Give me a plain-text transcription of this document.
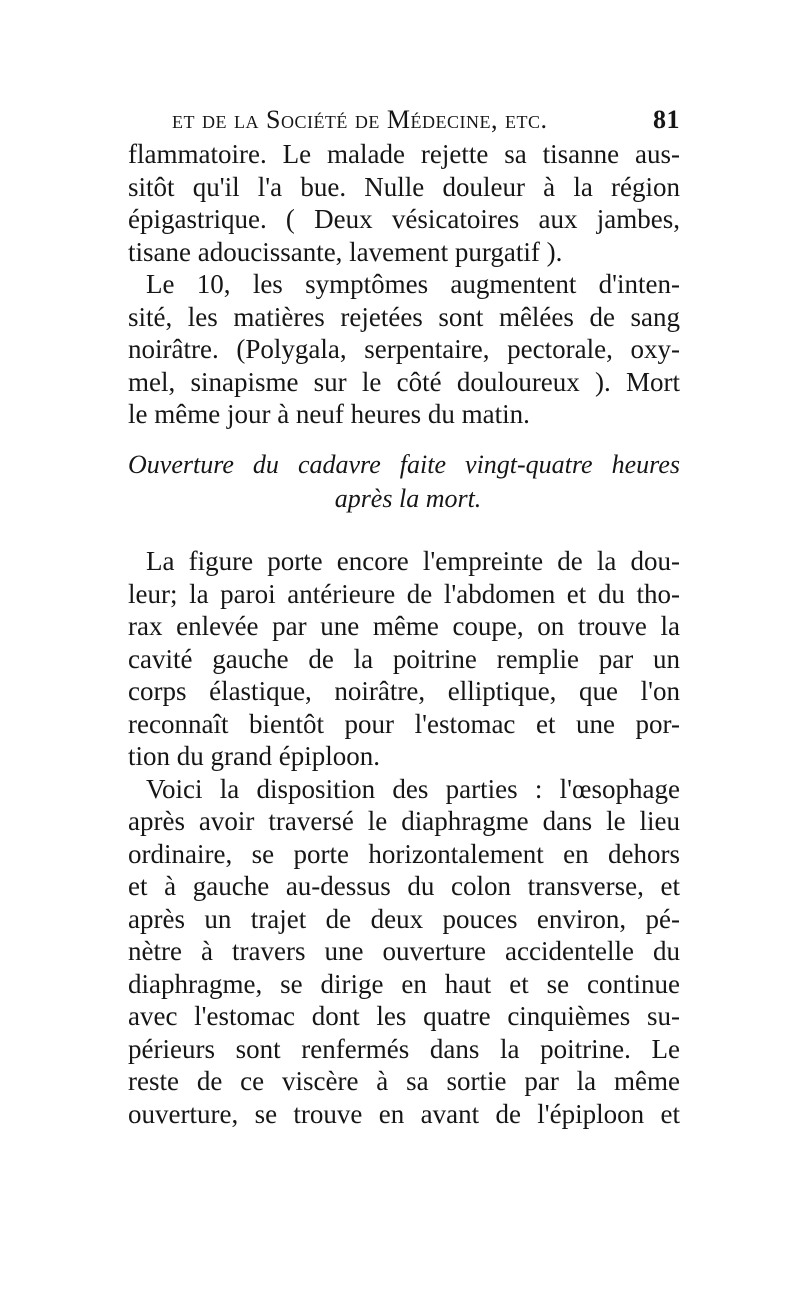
et de la Société de Médecine, etc.	81
flammatoire. Le malade rejette sa tisanne aus-
sitôt qu'il l'a bue. Nulle douleur à la région
épigastrique. ( Deux vésicatoires aux jambes,
tisane adoucissante, lavement purgatif ).
Le 10, les symptômes augmentent d'inten-
sité, les matières rejetées sont mêlées de sang
noirâtre. (Polygala, serpentaire, pectorale, oxy-
mel, sinapisme sur le côté douloureux ). Mort
le même jour à neuf heures du matin.
Ouverture du cadavre faite vingt-quatre heures
après la mort.
La figure porte encore l'empreinte de la dou-
leur; la paroi antérieure de l'abdomen et du tho-
rax enlevée par une même coupe, on trouve la
cavité gauche de la poitrine remplie par un
corps élastique, noirâtre, elliptique, que l'on
reconnaît bientôt pour l'estomac et une por-
tion du grand épiploon.
Voici la disposition des parties : l'œsophage
après avoir traversé le diaphragme dans le lieu
ordinaire, se porte horizontalement en dehors
et à gauche au-dessus du colon transverse, et
après un trajet de deux pouces environ, pé-
nètre à travers une ouverture accidentelle du
diaphragme, se dirige en haut et se continue
avec l'estomac dont les quatre cinquièmes su-
périeurs sont renfermés dans la poitrine. Le
reste de ce viscère à sa sortie par la même
ouverture, se trouve en avant de l'épiploon et
